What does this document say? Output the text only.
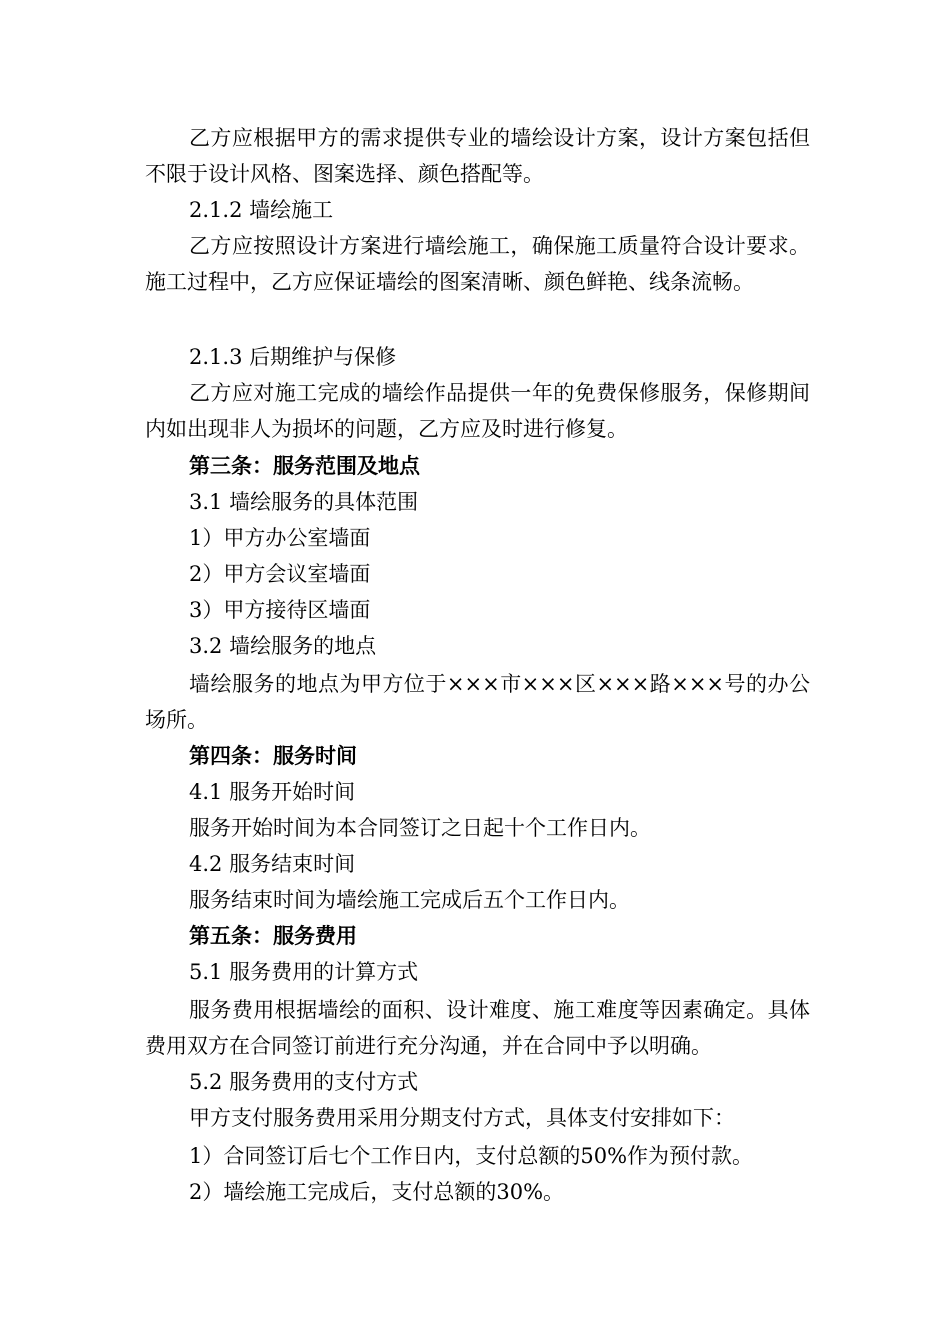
乙方应根据甲方的需求提供专业的墙绘设计方案，设计方案包括但不限于设计风格、图案选择、颜色搭配等。

2.1.2 墙绘施工

乙方应按照设计方案进行墙绘施工，确保施工质量符合设计要求。施工过程中，乙方应保证墙绘的图案清晰、颜色鲜艳、线条流畅。

2.1.3 后期维护与保修

乙方应对施工完成的墙绘作品提供一年的免费保修服务，保修期间内如出现非人为损坏的问题，乙方应及时进行修复。

第三条：服务范围及地点

3.1 墙绘服务的具体范围

1）甲方办公室墙面

2）甲方会议室墙面

3）甲方接待区墙面

3.2 墙绘服务的地点

墙绘服务的地点为甲方位于×××市×××区×××路×××号的办公场所。

第四条：服务时间

4.1 服务开始时间

服务开始时间为本合同签订之日起十个工作日内。

4.2 服务结束时间

服务结束时间为墙绘施工完成后五个工作日内。

第五条：服务费用

5.1 服务费用的计算方式

服务费用根据墙绘的面积、设计难度、施工难度等因素确定。具体费用双方在合同签订前进行充分沟通，并在合同中予以明确。

5.2 服务费用的支付方式

甲方支付服务费用采用分期支付方式，具体支付安排如下：

1）合同签订后七个工作日内，支付总额的50%作为预付款。

2）墙绘施工完成后，支付总额的30%。
